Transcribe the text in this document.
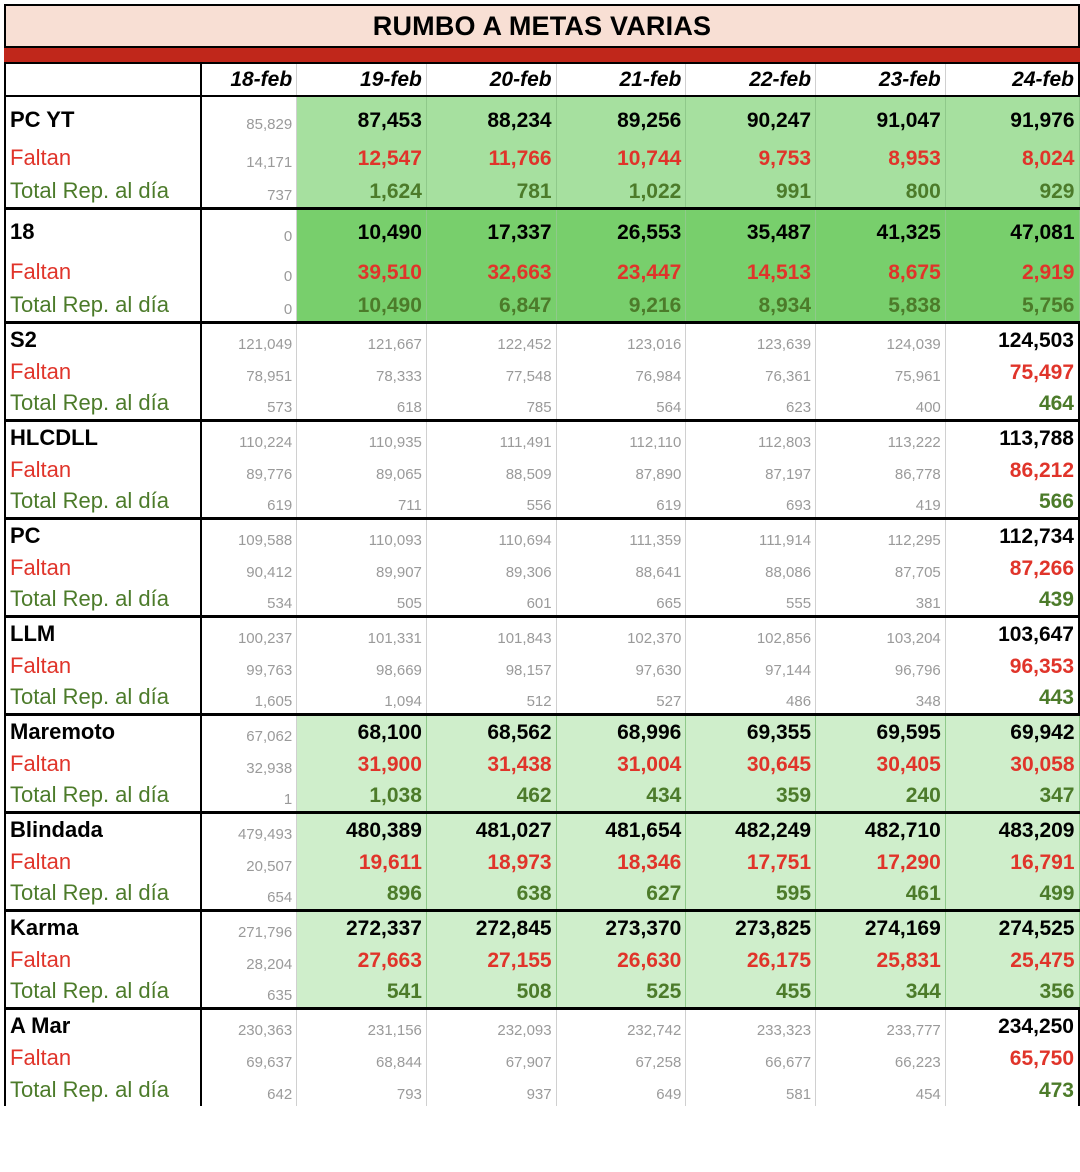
RUMBO A METAS VARIAS
	18-feb	19-feb	20-feb	21-feb	22-feb	23-feb	24-feb
PC YT	85,829	87,453	88,234	89,256	90,247	91,047	91,976
Faltan	14,171	12,547	11,766	10,744	9,753	8,953	8,024
Total Rep. al día	737	1,624	781	1,022	991	800	929
18	0	10,490	17,337	26,553	35,487	41,325	47,081
Faltan	0	39,510	32,663	23,447	14,513	8,675	2,919
Total Rep. al día	0	10,490	6,847	9,216	8,934	5,838	5,756
S2	121,049	121,667	122,452	123,016	123,639	124,039	124,503
Faltan	78,951	78,333	77,548	76,984	76,361	75,961	75,497
Total Rep. al día	573	618	785	564	623	400	464
HLCDLL	110,224	110,935	111,491	112,110	112,803	113,222	113,788
Faltan	89,776	89,065	88,509	87,890	87,197	86,778	86,212
Total Rep. al día	619	711	556	619	693	419	566
PC	109,588	110,093	110,694	111,359	111,914	112,295	112,734
Faltan	90,412	89,907	89,306	88,641	88,086	87,705	87,266
Total Rep. al día	534	505	601	665	555	381	439
LLM	100,237	101,331	101,843	102,370	102,856	103,204	103,647
Faltan	99,763	98,669	98,157	97,630	97,144	96,796	96,353
Total Rep. al día	1,605	1,094	512	527	486	348	443
Maremoto	67,062	68,100	68,562	68,996	69,355	69,595	69,942
Faltan	32,938	31,900	31,438	31,004	30,645	30,405	30,058
Total Rep. al día	1	1,038	462	434	359	240	347
Blindada	479,493	480,389	481,027	481,654	482,249	482,710	483,209
Faltan	20,507	19,611	18,973	18,346	17,751	17,290	16,791
Total Rep. al día	654	896	638	627	595	461	499
Karma	271,796	272,337	272,845	273,370	273,825	274,169	274,525
Faltan	28,204	27,663	27,155	26,630	26,175	25,831	25,475
Total Rep. al día	635	541	508	525	455	344	356
A Mar	230,363	231,156	232,093	232,742	233,323	233,777	234,250
Faltan	69,637	68,844	67,907	67,258	66,677	66,223	65,750
Total Rep. al día	642	793	937	649	581	454	473
